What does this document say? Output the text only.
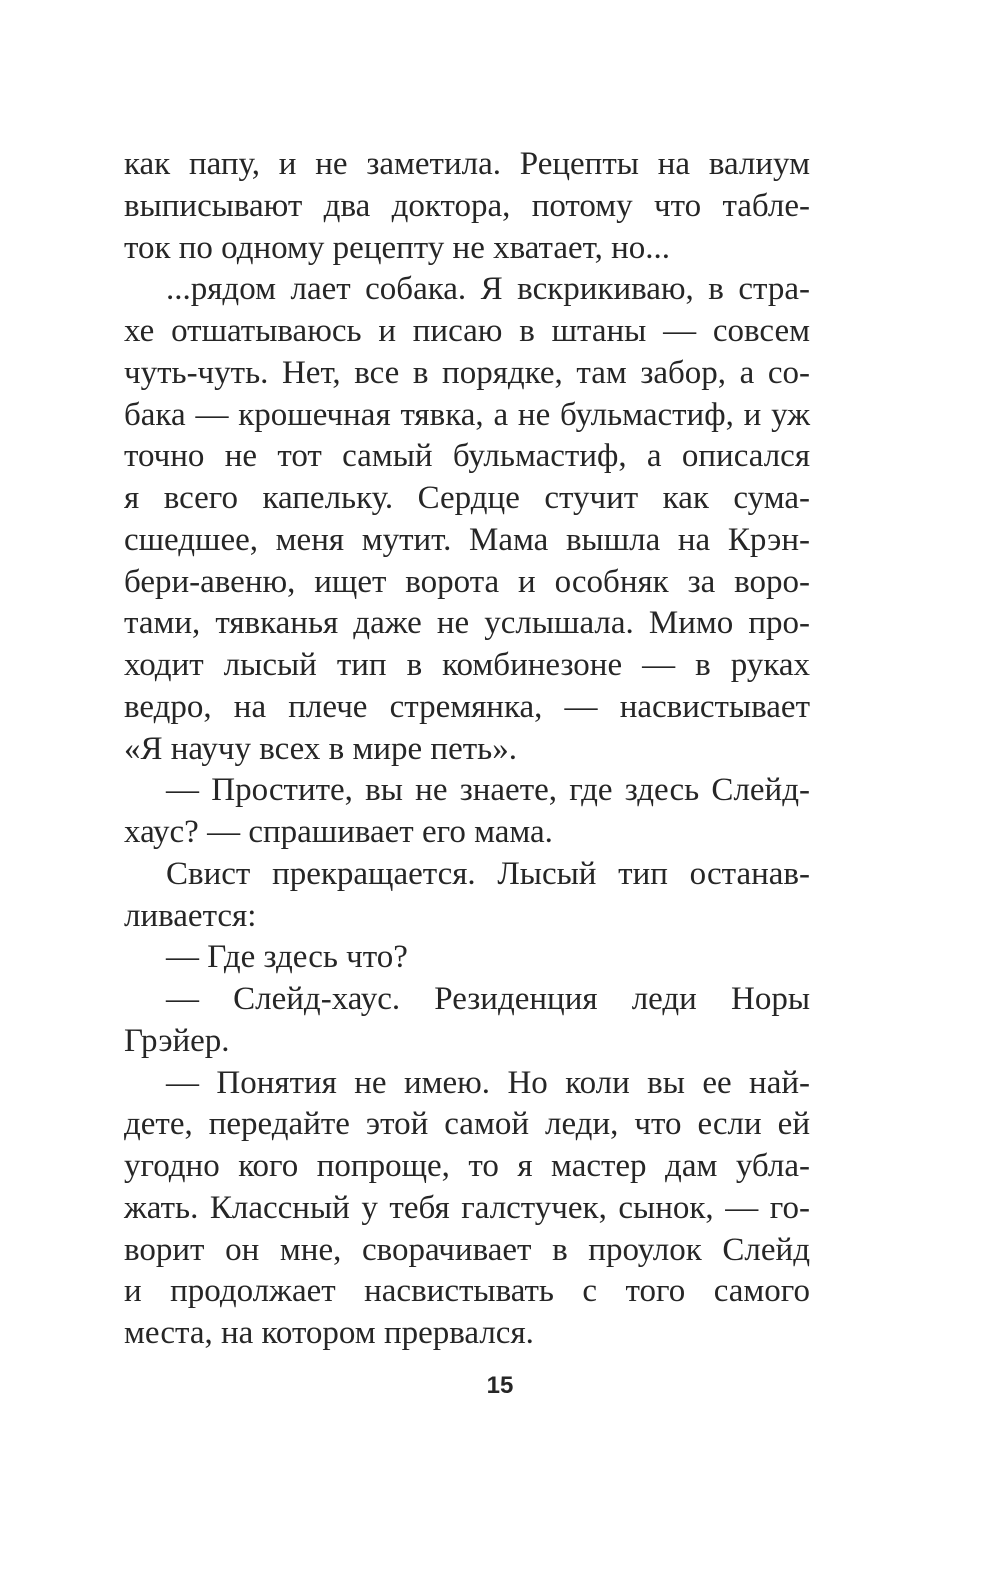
как папу, и не заметила. Рецепты на валиум
выписывают два доктора, потому что табле-
ток по одному рецепту не хватает, но...
...рядом лает собака. Я вскрикиваю, в стра-
хе отшатываюсь и писаю в штаны — совсем
чуть-чуть. Нет, все в порядке, там забор, а со-
бака — крошечная тявка, а не бульмастиф, и уж
точно не тот самый бульмастиф, а описался
я всего капельку. Сердце стучит как сума-
сшедшее, меня мутит. Мама вышла на Крэн-
бери-авеню, ищет ворота и особняк за воро-
тами, тявканья даже не услышала. Мимо про-
ходит лысый тип в комбинезоне — в руках
ведро, на плече стремянка, — насвистывает
«Я научу всех в мире петь».
— Простите, вы не знаете, где здесь Слейд-
хаус? — спрашивает его мама.
Свист прекращается. Лысый тип останав-
ливается:
— Где здесь что?
— Слейд-хаус. Резиденция леди Норы
Грэйер.
— Понятия не имею. Но коли вы ее най-
дете, передайте этой самой леди, что если ей
угодно кого попроще, то я мастер дам ублa-
жать. Классный у тебя галстучек, сынок, — го-
ворит он мне, сворачивает в проулок Слейд
и продолжает насвистывать с того самого
места, на котором прервался.
15
